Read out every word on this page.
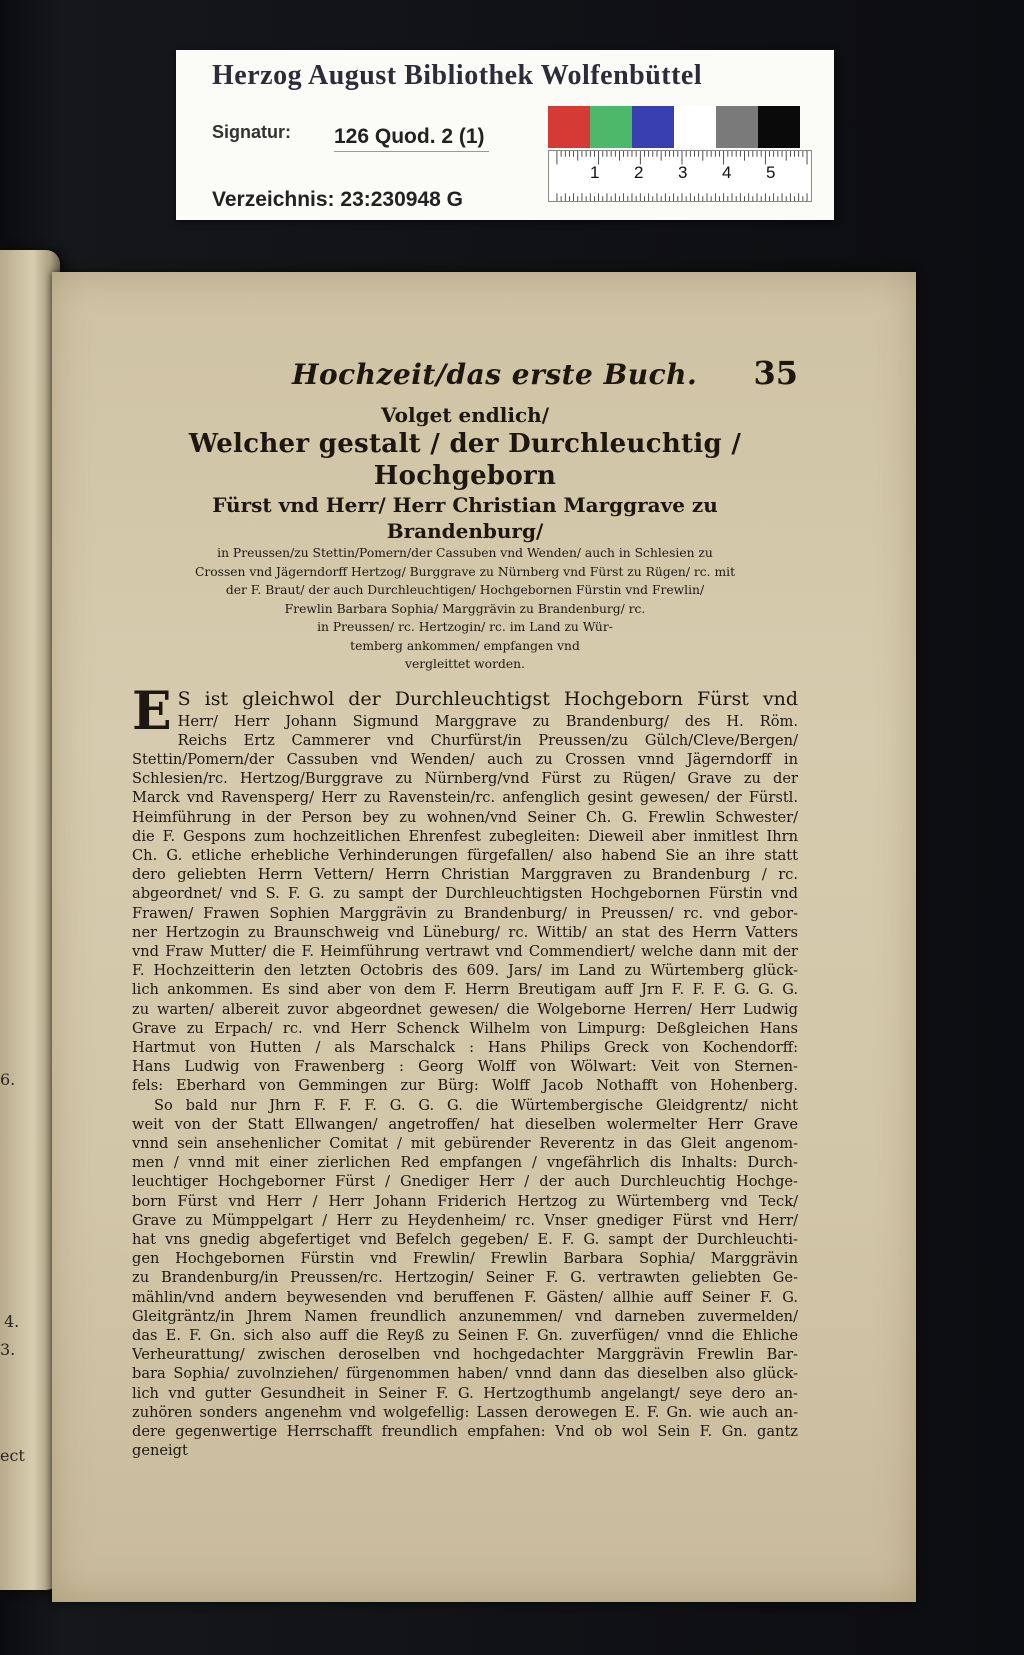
3.
6.
4.
ect
Herzog August Bibliothek Wolfenbüttel
Signatur: 126 Quod. 2 (1)
Verzeichnis: 23:230948 G
1 2 3 4 5
Hochzeit/das erste Buch. 35
Volget endlich/
Welcher gestalt / der Durchleuchtig / Hochgeborn
Fürst vnd Herr/ Herr Christian Marggrave zu Brandenburg/
in Preussen/zu Stettin/Pomern/der Cassuben vnd Wenden/ auch in Schlesien zu
Crossen vnd Jägerndorff Hertzog/ Burggrave zu Nürnberg vnd Fürst zu Rügen/ rc. mit
der F. Braut/ der auch Durchleuchtigen/ Hochgebornen Fürstin vnd Frewlin/
Frewlin Barbara Sophia/ Marggrävin zu Brandenburg/ rc.
in Preussen/ rc. Hertzogin/ rc. im Land zu Wür-
temberg ankommen/ empfangen vnd
vergleittet worden.
E S ist gleichwol der Durchleuchtigst Hochgeborn Fürst vnd
Herr/ Herr Johann Sigmund Marggrave zu Brandenburg/ des H. Röm.
Reichs Ertz Cammerer vnd Churfürst/in Preussen/zu Gülch/Cleve/Bergen/
Stettin/Pomern/der Cassuben vnd Wenden/ auch zu Crossen vnnd Jägerndorff in
Schlesien/rc. Hertzog/Burggrave zu Nürnberg/vnd Fürst zu Rügen/ Grave zu der
Marck vnd Ravensperg/ Herr zu Ravenstein/rc. anfenglich gesint gewesen/ der Fürstl.
Heimführung in der Person bey zu wohnen/vnd Seiner Ch. G. Frewlin Schwester/
die F. Gespons zum hochzeitlichen Ehrenfest zubegleiten: Dieweil aber inmitlest Ihrn
Ch. G. etliche erhebliche Verhinderungen fürgefallen/ also habend Sie an ihre statt
dero geliebten Herrn Vettern/ Herrn Christian Marggraven zu Brandenburg / rc.
abgeordnet/ vnd S. F. G. zu sampt der Durchleuchtigsten Hochgebornen Fürstin vnd
Frawen/ Frawen Sophien Marggrävin zu Brandenburg/ in Preussen/ rc. vnd gebor-
ner Hertzogin zu Braunschweig vnd Lüneburg/ rc. Wittib/ an stat des Herrn Vatters
vnd Fraw Mutter/ die F. Heimführung vertrawt vnd Commendiert/ welche dann mit der
F. Hochzeitterin den letzten Octobris des 609. Jars/ im Land zu Würtemberg glück-
lich ankommen. Es sind aber von dem F. Herrn Breutigam auff Jrn F. F. F. G. G. G.
zu warten/ albereit zuvor abgeordnet gewesen/ die Wolgeborne Herren/ Herr Ludwig
Grave zu Erpach/ rc. vnd Herr Schenck Wilhelm von Limpurg: Deßgleichen Hans
Hartmut von Hutten / als Marschalck : Hans Philips Greck von Kochendorff:
Hans Ludwig von Frawenberg : Georg Wolff von Wölwart: Veit von Sternen-
fels: Eberhard von Gemmingen zur Bürg: Wolff Jacob Nothafft von Hohenberg.
So bald nur Jhrn F. F. F. G. G. G. die Würtembergische Gleidgrentz/ nicht
weit von der Statt Ellwangen/ angetroffen/ hat dieselben wolermelter Herr Grave
vnnd sein ansehenlicher Comitat / mit gebürender Reverentz in das Gleit angenom-
men / vnnd mit einer zierlichen Red empfangen / vngefährlich dis Inhalts: Durch-
leuchtiger Hochgeborner Fürst / Gnediger Herr / der auch Durchleuchtig Hochge-
born Fürst vnd Herr / Herr Johann Friderich Hertzog zu Würtemberg vnd Teck/
Grave zu Mümppelgart / Herr zu Heydenheim/ rc. Vnser gnediger Fürst vnd Herr/
hat vns gnedig abgefertiget vnd Befelch gegeben/ E. F. G. sampt der Durchleuchti-
gen Hochgebornen Fürstin vnd Frewlin/ Frewlin Barbara Sophia/ Marggrävin
zu Brandenburg/in Preussen/rc. Hertzogin/ Seiner F. G. vertrawten geliebten Ge-
mählin/vnd andern beywesenden vnd beruffenen F. Gästen/ allhie auff Seiner F. G.
Gleitgräntz/in Jhrem Namen freundlich anzunemmen/ vnd darneben zuvermelden/
das E. F. Gn. sich also auff die Reyß zu Seinen F. Gn. zuverfügen/ vnnd die Ehliche
Verheurattung/ zwischen deroselben vnd hochgedachter Marggrävin Frewlin Bar-
bara Sophia/ zuvolnziehen/ fürgenommen haben/ vnnd dann das dieselben also glück-
lich vnd gutter Gesundheit in Seiner F. G. Hertzogthumb angelangt/ seye dero an-
zuhören sonders angenehm vnd wolgefellig: Lassen derowegen E. F. Gn. wie auch an-
dere gegenwertige Herrschafft freundlich empfahen: Vnd ob wol Sein F. Gn. gantz
geneigt
